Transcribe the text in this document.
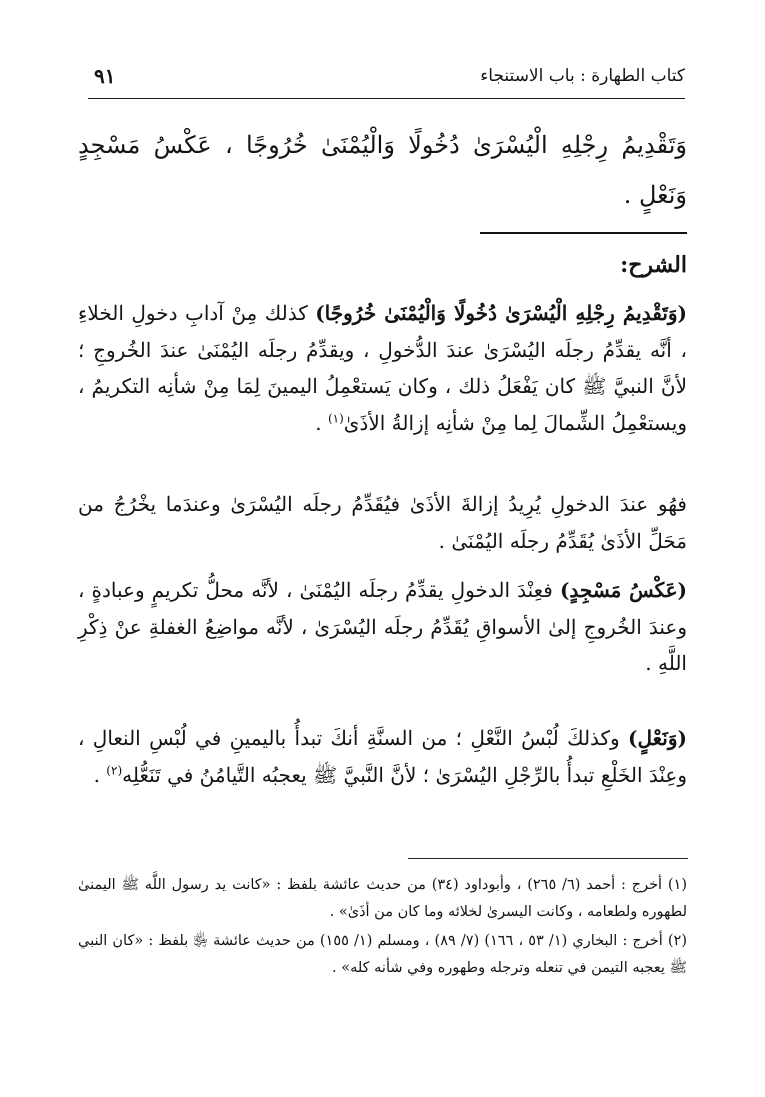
كتاب الطهارة : باب الاستنجاء
٩١

وَتَقْدِيمُ رِجْلِهِ الْيُسْرَىٰ دُخُولًا وَالْيُمْنَىٰ خُرُوجًا ، عَكْسُ مَسْجِدٍ وَنَعْلٍ .

الشرح:

(وَتَقْدِيمُ رِجْلِهِ الْيُسْرَىٰ دُخُولًا وَالْيُمْنَىٰ خُرُوجًا) كذلك مِنْ آدابِ دخولِ الخلاءِ ، أنَّه يقدِّمُ رجلَه اليُسْرَىٰ عندَ الدُّخولِ ، ويقدِّمُ رجلَه اليُمْنَىٰ عندَ الخُروجِ ؛ لأنَّ النبيَّ ﷺ كان يَفْعَلُ ذلك ، وكان يَستعْمِلُ اليمينَ لِمَا مِنْ شأنِه التكريمُ ، ويستعْمِلُ الشِّمالَ لِما مِنْ شأنِه إزالةُ الأذَىٰ$^{(١)}$ .

فهُو عندَ الدخولِ يُرِيدُ إزالةَ الأذَىٰ فيُقَدِّمُ رجلَه اليُسْرَىٰ وعندَما يخْرُجُ من مَحَلِّ الأذَىٰ يُقَدِّمُ رجلَه اليُمْنَىٰ .

(عَكْسُ مَسْجِدٍ) فعِنْدَ الدخولِ يقدِّمُ رجلَه اليُمْنَىٰ ، لأنَّه محلُّ تكريمٍ وعبادةٍ ، وعندَ الخُروجِ إلىٰ الأسواقِ يُقَدِّمُ رجلَه اليُسْرَىٰ ، لأنَّه مواضِعُ الغفلةِ عنْ ذِكْرِ اللَّهِ .

(وَنَعْلٍ) وكذلكَ لُبْسُ النَّعْلِ ؛ من السنَّةِ أنكَ تبدأُ باليمينِ في لُبْسِ النعالِ ، وعِنْدَ الخَلْعِ تبدأُ بالرِّجْلِ اليُسْرَىٰ ؛ لأنَّ النَّبيَّ ﷺ يعجبُه التَّيامُنُ في تَنَعُّلِه$^{(٢)}$ .

(١) أخرج : أحمد (٦/ ٢٦٥) ، وأبوداود (٣٤) من حديث عائشة بلفظ : «كانت يد رسول اللَّه ﷺ اليمنىٰ لطهوره ولطعامه ، وكانت اليسرىٰ لخلائه وما كان من أذَىٰ» .

(٢) أخرج : البخاري (١/ ٥٣ ، ١٦٦) (٧/ ٨٩) ، ومسلم (١/ ١٥٥) من حديث عائشة ﵂ بلفظ : «كان النبي ﷺ يعجبه التيمن في تنعله وترجله وطهوره وفي شأنه كله» .
